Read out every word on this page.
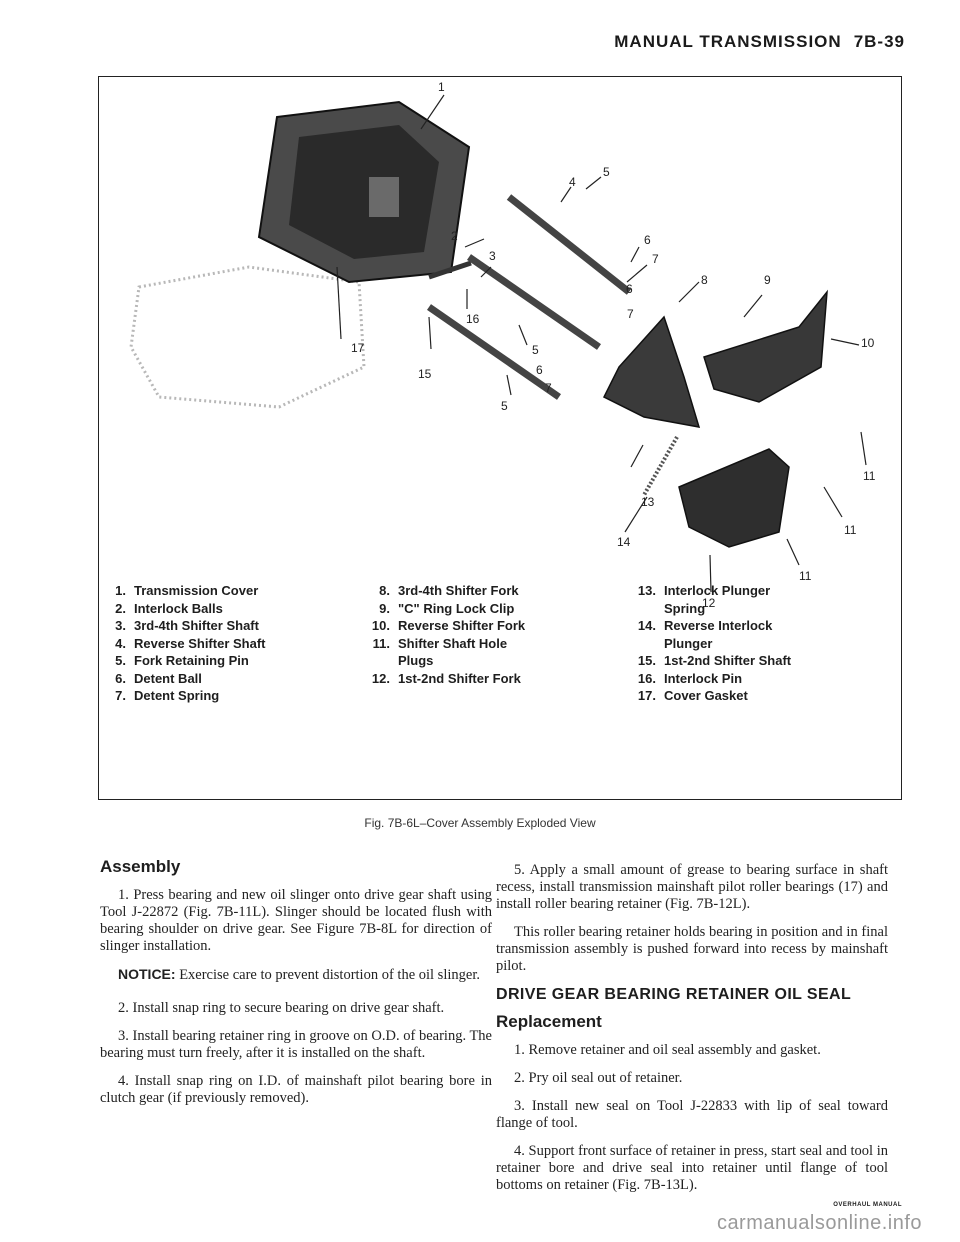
MANUAL TRANSMISSION 7B-39
1
2
3
4
5
6
7
6
7
8	9
10
16
5
6
7
17
15
5
13
14
11
11
11
12
1. Transmission Cover
2. Interlock Balls
3. 3rd-4th Shifter Shaft
4. Reverse Shifter Shaft
5. Fork Retaining Pin
6. Detent Ball
7. Detent Spring
8. 3rd-4th Shifter Fork
9. "C" Ring Lock Clip
10. Reverse Shifter Fork
11. Shifter Shaft Hole
Plugs
12. 1st-2nd Shifter Fork
13. Interlock Plunger
Spring
14. Reverse Interlock
Plunger
15. 1st-2nd Shifter Shaft
16. Interlock Pin
17. Cover Gasket
Fig. 7B-6L–Cover Assembly Exploded View
Assembly

1. Press bearing and new oil slinger onto drive gear shaft using Tool J-22872 (Fig. 7B-11L). Slinger should be located flush with bearing shoulder on drive gear. See Figure 7B-8L for direction of slinger installation.

NOTICE: Exercise care to prevent distortion of the oil slinger.

2. Install snap ring to secure bearing on drive gear shaft.

3. Install bearing retainer ring in groove on O.D. of bearing. The bearing must turn freely, after it is installed on the shaft.

4. Install snap ring on I.D. of mainshaft pilot bearing bore in clutch gear (if previously removed).

5. Apply a small amount of grease to bearing surface in shaft recess, install transmission mainshaft pilot roller bearings (17) and install roller bearing retainer (Fig. 7B-12L).

This roller bearing retainer holds bearing in position and in final transmission assembly is pushed forward into recess by mainshaft pilot.

DRIVE GEAR BEARING RETAINER OIL SEAL
Replacement

1. Remove retainer and oil seal assembly and gasket.

2. Pry oil seal out of retainer.

3. Install new seal on Tool J-22833 with lip of seal toward flange of tool.

4. Support front surface of retainer in press, start seal and tool in retainer bore and drive seal into retainer until flange of tool bottoms on retainer (Fig. 7B-13L).

OVERHAUL MANUAL
carmanualsonline.info
